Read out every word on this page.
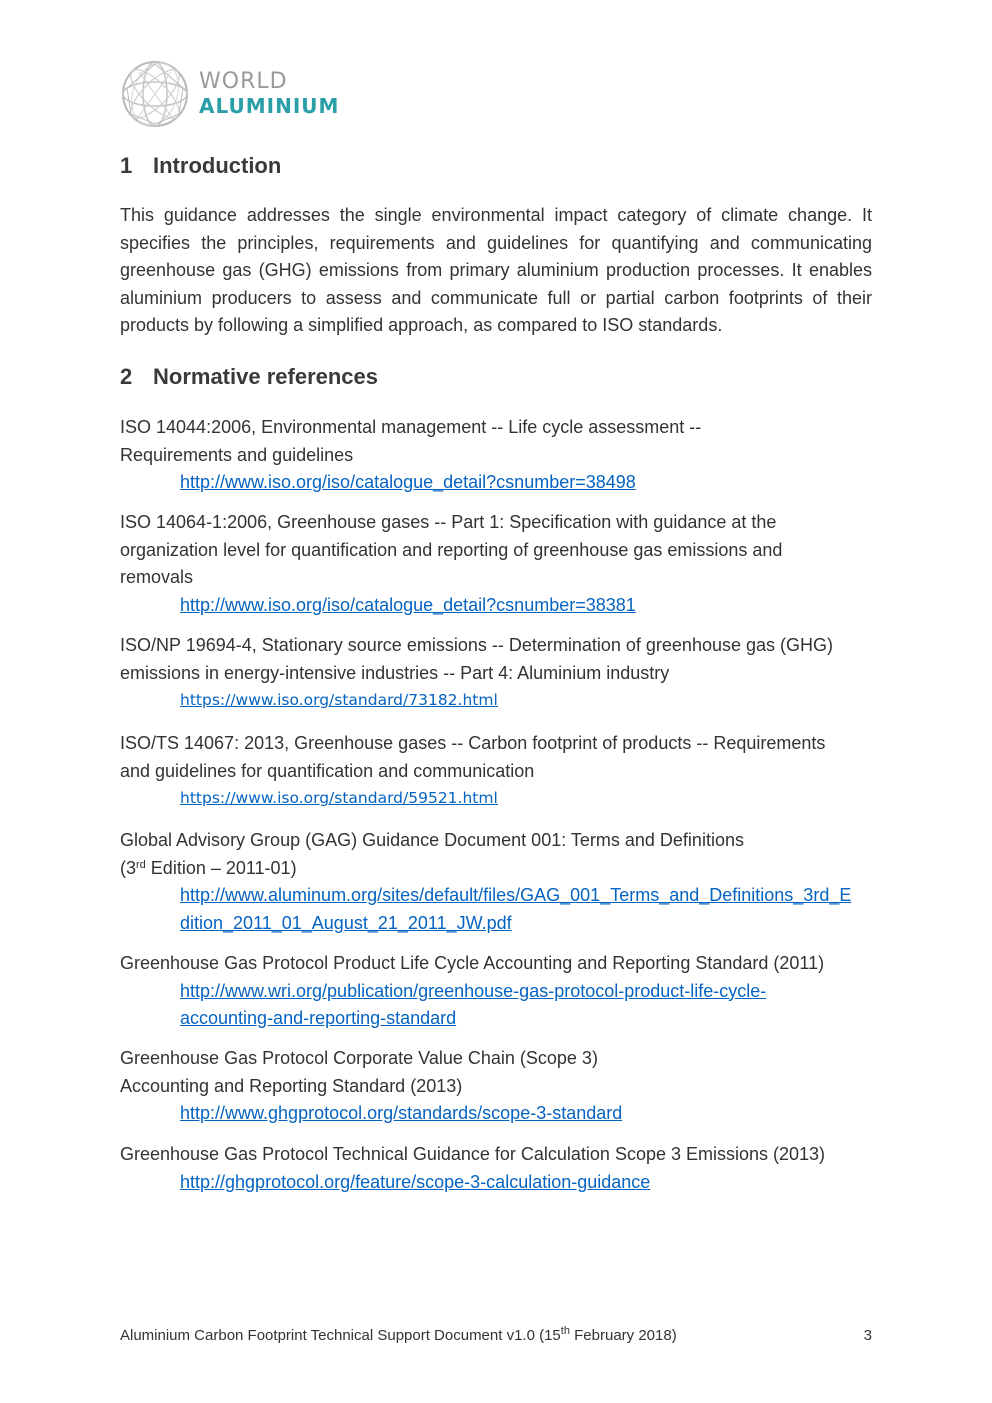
WORLD
ALUMINIUM
1 Introduction

This guidance addresses the single environmental impact category of climate change. It specifies the principles, requirements and guidelines for quantifying and communicating greenhouse gas (GHG) emissions from primary aluminium production processes. It enables aluminium producers to assess and communicate full or partial carbon footprints of their products by following a simplified approach, as compared to ISO standards.

2 Normative references
ISO 14044:2006, Environmental management -- Life cycle assessment --
Requirements and guidelines
http://www.iso.org/iso/catalogue_detail?csnumber=38498
ISO 14064-1:2006, Greenhouse gases -- Part 1: Specification with guidance at the
organization level for quantification and reporting of greenhouse gas emissions and
removals
http://www.iso.org/iso/catalogue_detail?csnumber=38381
ISO/NP 19694-4, Stationary source emissions -- Determination of greenhouse gas (GHG)
emissions in energy-intensive industries -- Part 4: Aluminium industry
https://www.iso.org/standard/73182.html
ISO/TS 14067: 2013, Greenhouse gases -- Carbon footprint of products -- Requirements
and guidelines for quantification and communication
https://www.iso.org/standard/59521.html
Global Advisory Group (GAG) Guidance Document 001: Terms and Definitions
(3rd Edition – 2011-01)
http://www.aluminum.org/sites/default/files/GAG_001_Terms_and_Definitions_3rd_E
dition_2011_01_August_21_2011_JW.pdf
Greenhouse Gas Protocol Product Life Cycle Accounting and Reporting Standard (2011)
http://www.wri.org/publication/greenhouse-gas-protocol-product-life-cycle-
accounting-and-reporting-standard
Greenhouse Gas Protocol Corporate Value Chain (Scope 3)
Accounting and Reporting Standard (2013)
http://www.ghgprotocol.org/standards/scope-3-standard
Greenhouse Gas Protocol Technical Guidance for Calculation Scope 3 Emissions (2013)
http://ghgprotocol.org/feature/scope-3-calculation-guidance
Aluminium Carbon Footprint Technical Support Document v1.0 (15th February 2018)	3
